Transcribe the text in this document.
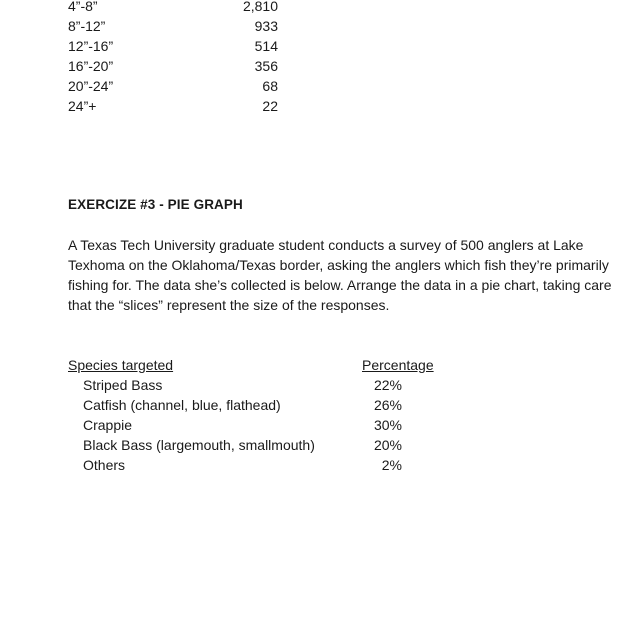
4”-8”	2,810
8”-12”	933
12”-16”	514
16”-20”	356
20”-24”	68
24”+	22
EXERCIZE #3 - PIE GRAPH
A Texas Tech University graduate student conducts a survey of 500 anglers at Lake Texhoma on the Oklahoma/Texas border, asking the anglers which fish they’re primarily fishing for. The data she’s collected is below. Arrange the data in a pie chart, taking care that the “slices” represent the size of the responses.
Species targeted	Percentage
Striped Bass	22%
Catfish (channel, blue, flathead)	26%
Crappie	30%
Black Bass (largemouth, smallmouth)	20%
Others	2%
